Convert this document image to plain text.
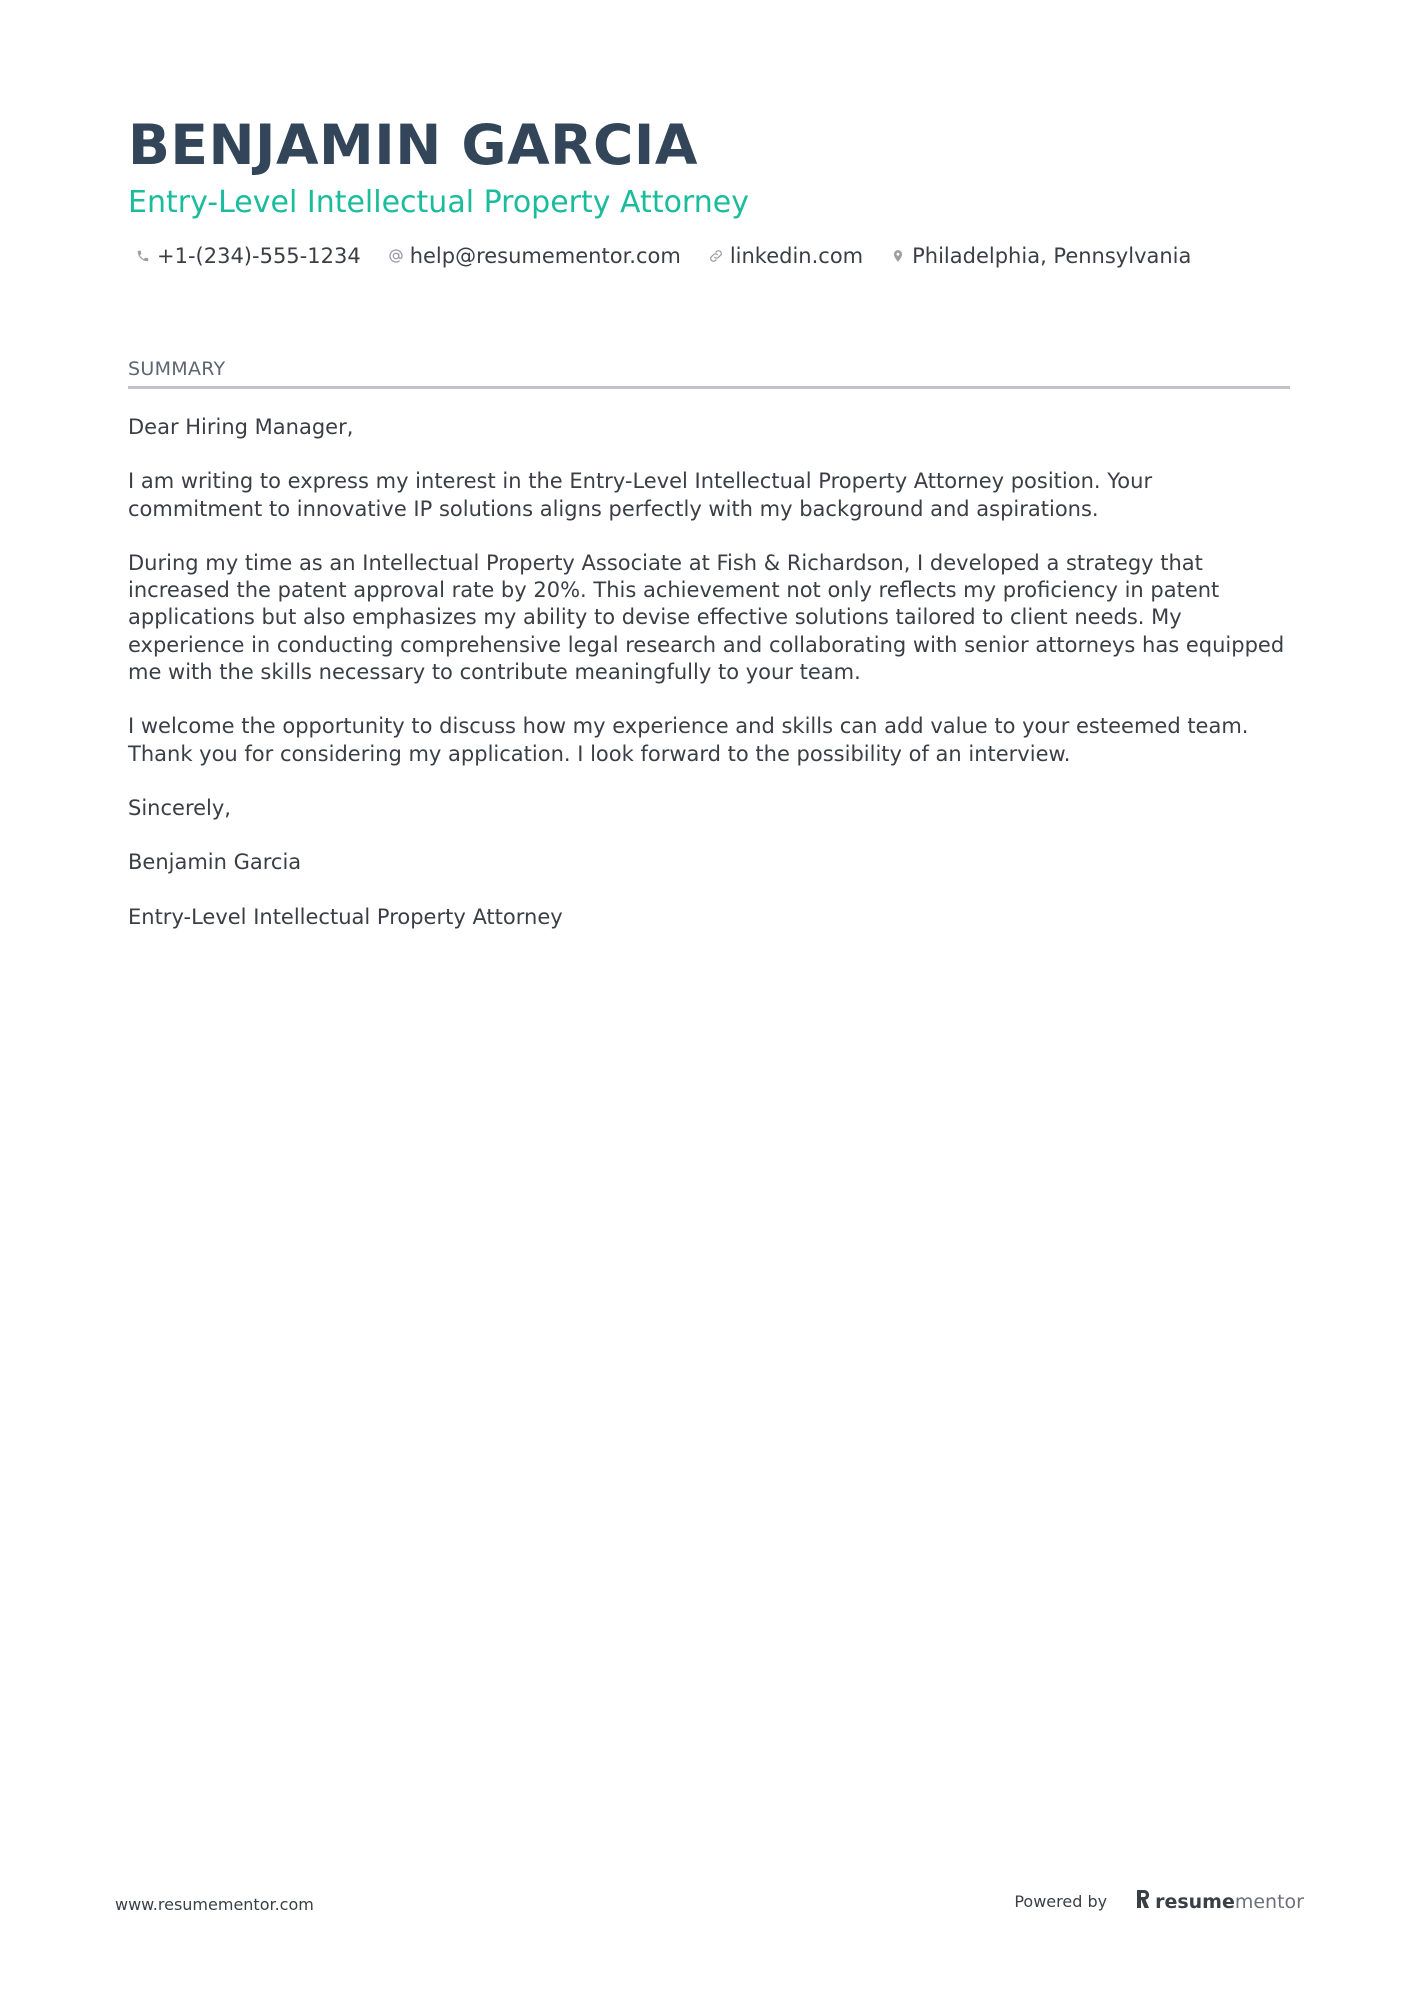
BENJAMIN GARCIA
Entry-Level Intellectual Property Attorney
+1-(234)-555-1234 help@resumementor.com linkedin.com Philadelphia, Pennsylvania
SUMMARY

Dear Hiring Manager,

I am writing to express my interest in the Entry-Level Intellectual Property Attorney position. Your commitment to innovative IP solutions aligns perfectly with my background and aspirations.

During my time as an Intellectual Property Associate at Fish & Richardson, I developed a strategy that increased the patent approval rate by 20%. This achievement not only reflects my proficiency in patent applications but also emphasizes my ability to devise effective solutions tailored to client needs. My experience in conducting comprehensive legal research and collaborating with senior attorneys has equipped me with the skills necessary to contribute meaningfully to your team.

I welcome the opportunity to discuss how my experience and skills can add value to your esteemed team. Thank you for considering my application. I look forward to the possibility of an interview.

Sincerely,

Benjamin Garcia

Entry-Level Intellectual Property Attorney

www.resumementor.com	Powered by	resumementor
